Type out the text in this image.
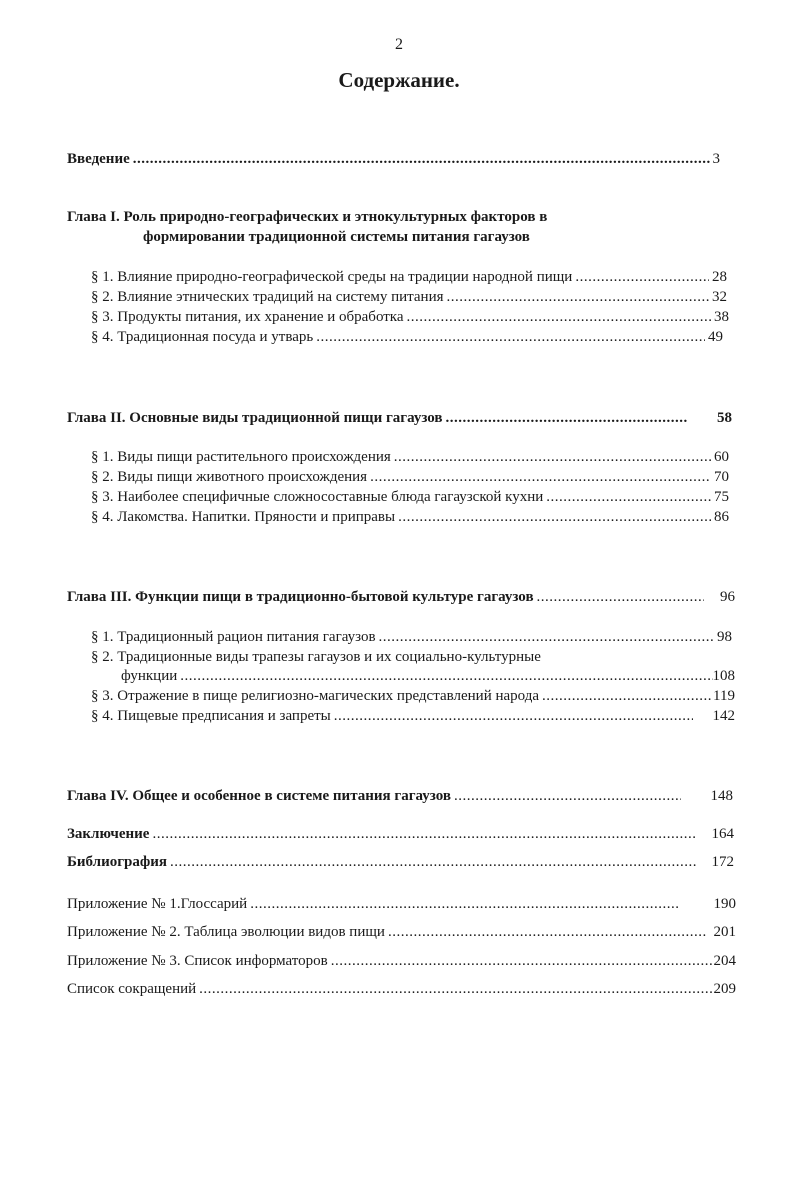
2
Содержание.
Введение .....	3
Глава I. Роль природно-географических и этнокультурных факторов в
формировании традиционной системы питания гагаузов
§ 1. Влияние природно-географической среды на традиции народной пищи .....	28
§ 2. Влияние этнических традиций на систему питания .....	32
§ 3. Продукты питания, их хранение и обработка .....	38
§ 4. Традиционная посуда и утварь .....	49
Глава II. Основные виды традиционной пищи гагаузов .....	58
§ 1. Виды пищи растительного происхождения .....	60
§ 2. Виды пищи животного происхождения .....	70
§ 3. Наиболее специфичные сложносоставные блюда гагаузской кухни .....	75
§ 4. Лакомства. Напитки. Пряности и приправы .....	86
Глава III. Функции пищи в традиционно-бытовой культуре гагаузов .....	96
§ 1. Традиционный рацион питания гагаузов .....	98
§ 2. Традиционные виды трапезы гагаузов и их социально-культурные
функции .....	108
§ 3. Отражение в пище религиозно-магических представлений народа .....	119
§ 4. Пищевые предписания и запреты .....	142
Глава IV. Общее и особенное в системе питания гагаузов .....	148
Заключение .....	164
Библиография .....	172
Приложение № 1.Глоссарий .....	190
Приложение № 2. Таблица эволюции видов пищи .....	201
Приложение № 3. Список информаторов .....	204
Список сокращений .....	209
